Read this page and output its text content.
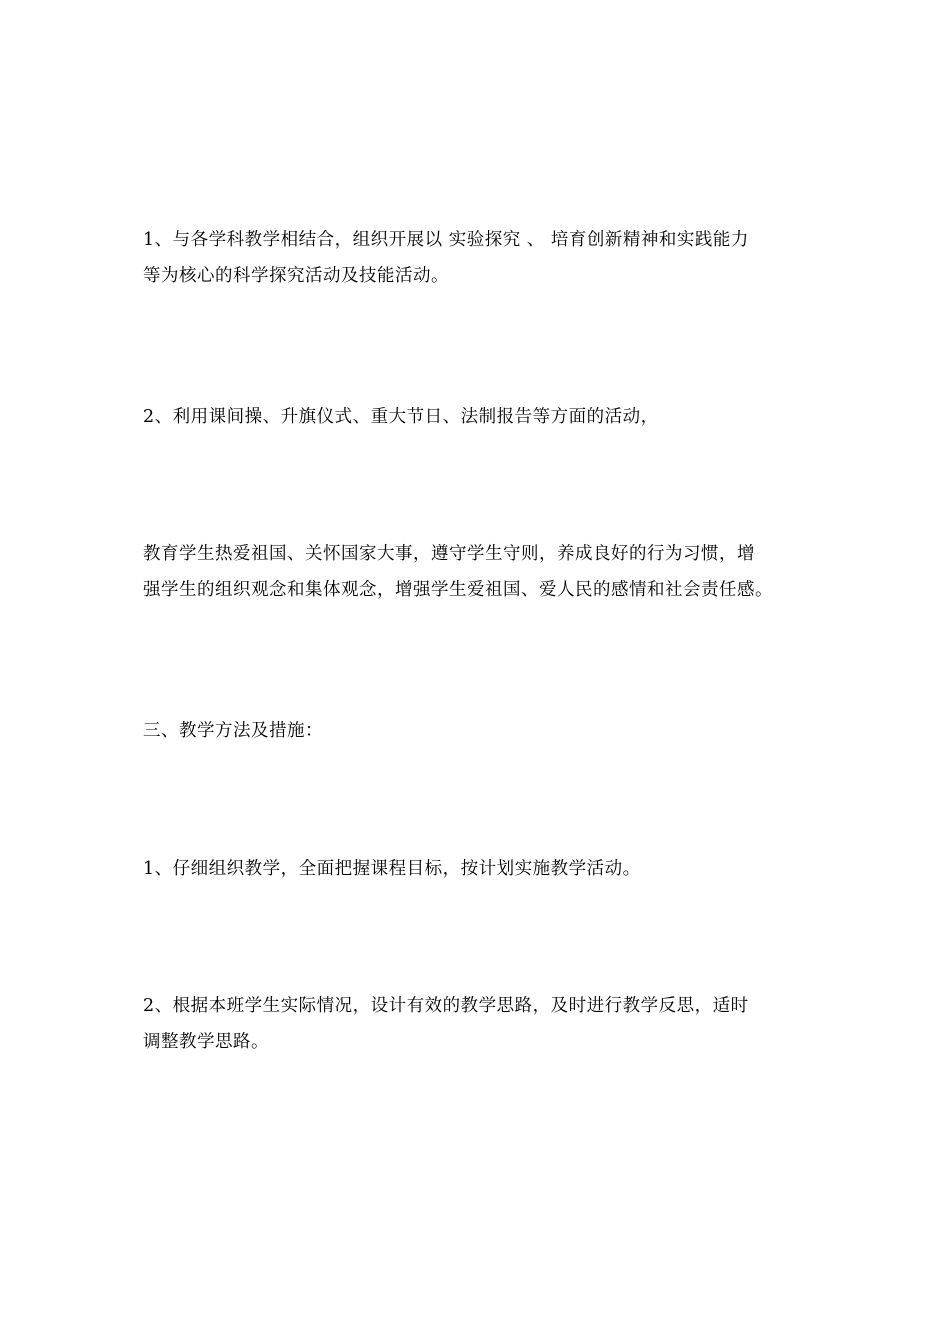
1、与各学科教学相结合，组织开展以 实验探究 、 培育创新精神和实践能力
等为核心的科学探究活动及技能活动。

2、利用课间操、升旗仪式、重大节日、法制报告等方面的活动，

教育学生热爱祖国、关怀国家大事，遵守学生守则，养成良好的行为习惯，增
强学生的组织观念和集体观念，增强学生爱祖国、爱人民的感情和社会责任感。

三、教学方法及措施：

1、仔细组织教学，全面把握课程目标，按计划实施教学活动。

2、根据本班学生实际情况，设计有效的教学思路，及时进行教学反思，适时
调整教学思路。
